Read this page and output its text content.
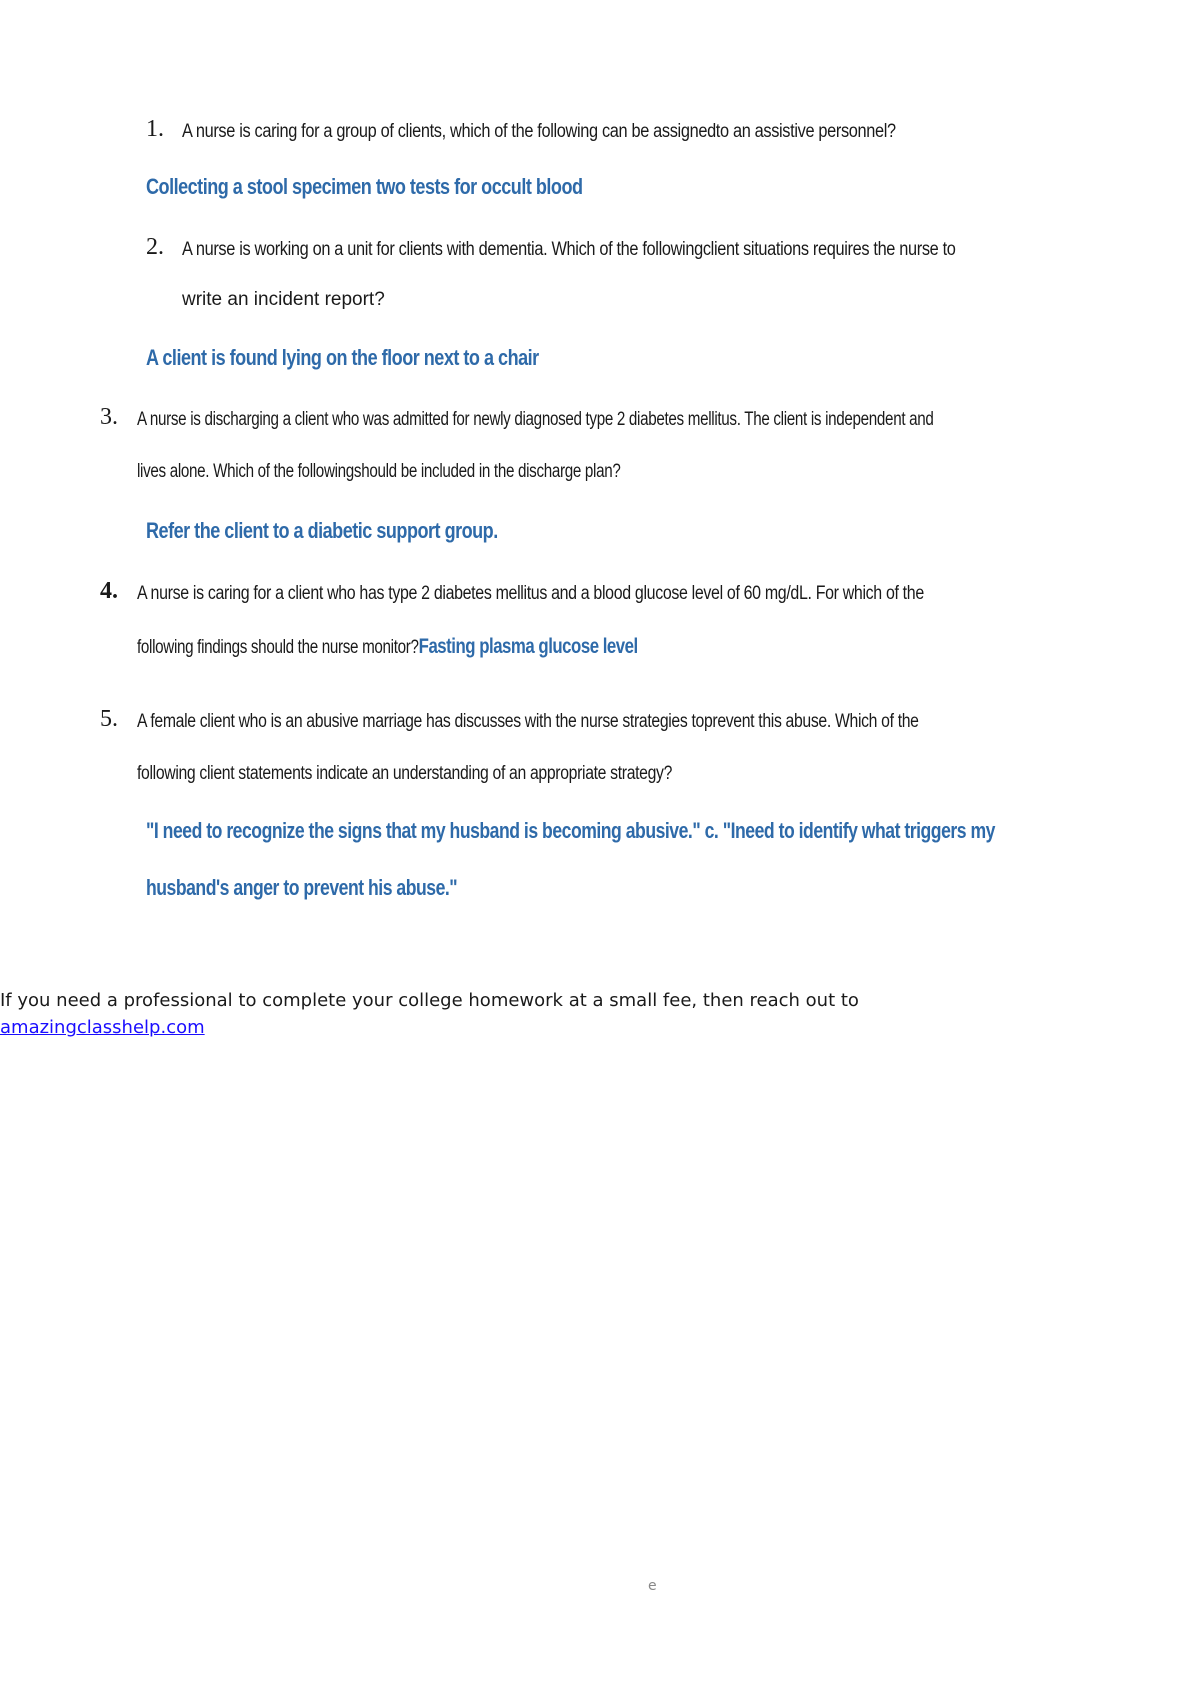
1. A nurse is caring for a group of clients, which of the following can be assignedto an assistive personnel?
Collecting a stool specimen two tests for occult blood
2. A nurse is working on a unit for clients with dementia. Which of the followingclient situations requires the nurse to
write an incident report?
A client is found lying on the floor next to a chair
3. A nurse is discharging a client who was admitted for newly diagnosed type 2 diabetes mellitus. The client is independent and
lives alone. Which of the followingshould be included in the discharge plan?
Refer the client to a diabetic support group.
4. A nurse is caring for a client who has type 2 diabetes mellitus and a blood glucose level of 60 mg/dL. For which of the
following findings should the nurse monitor?Fasting plasma glucose level
5. A female client who is an abusive marriage has discusses with the nurse strategies toprevent this abuse. Which of the
following client statements indicate an understanding of an appropriate strategy?
"I need to recognize the signs that my husband is becoming abusive." c. "Ineed to identify what triggers my
husband's anger to prevent his abuse."
If you need a professional to complete your college homework at a small fee, then reach out to
amazingclasshelp.com
e
